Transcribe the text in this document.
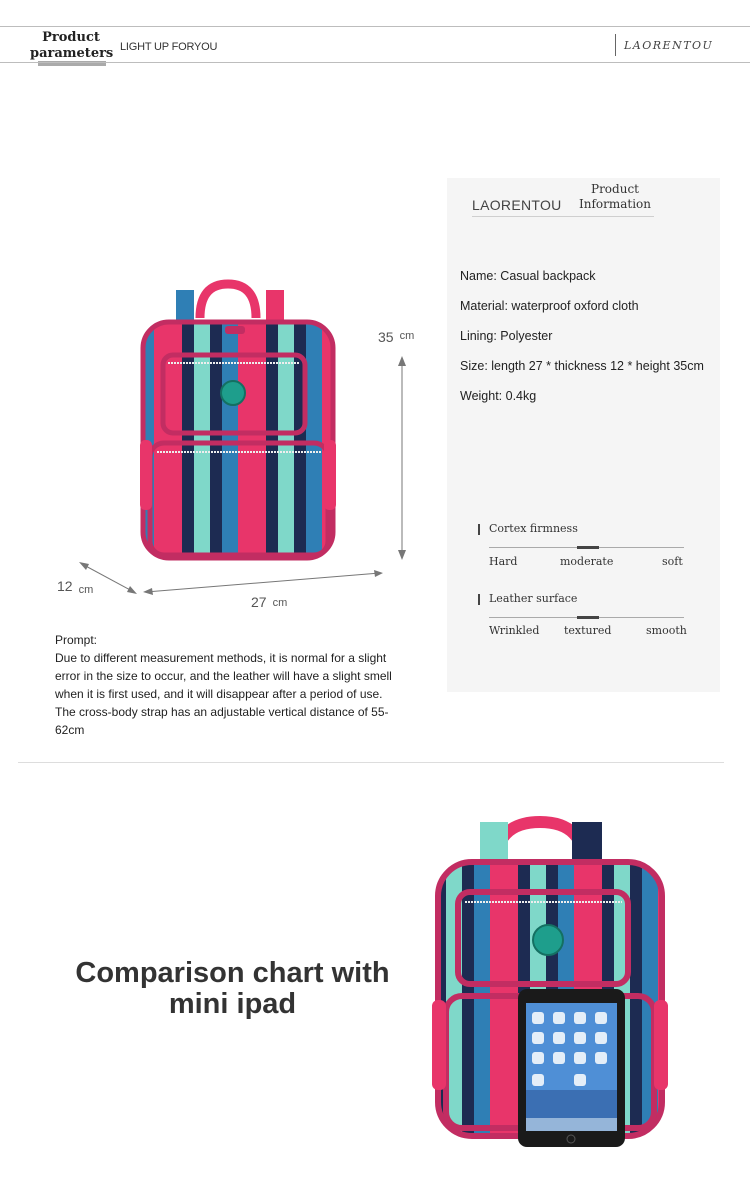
Product parameters LIGHT UP FORYOU	LAORENTOU
35 cm
12 cm
27 cm

Prompt:

Due to different measurement methods, it is normal for a slight error in the size to occur, and the leather will have a slight smell when it is first used, and it will disappear after a period of use. The cross-body strap has an adjustable vertical distance of 55-62cm

LAORENTOU
Product Information
Name: Casual backpack
Material: waterproof oxford cloth
Lining: Polyester
Size: length 27 * thickness 12 * height 35cm
Weight: 0.4kg
Cortex firmness
Hard	moderate	soft
Leather surface
Wrinkled textured	smooth
Comparison chart with mini ipad
